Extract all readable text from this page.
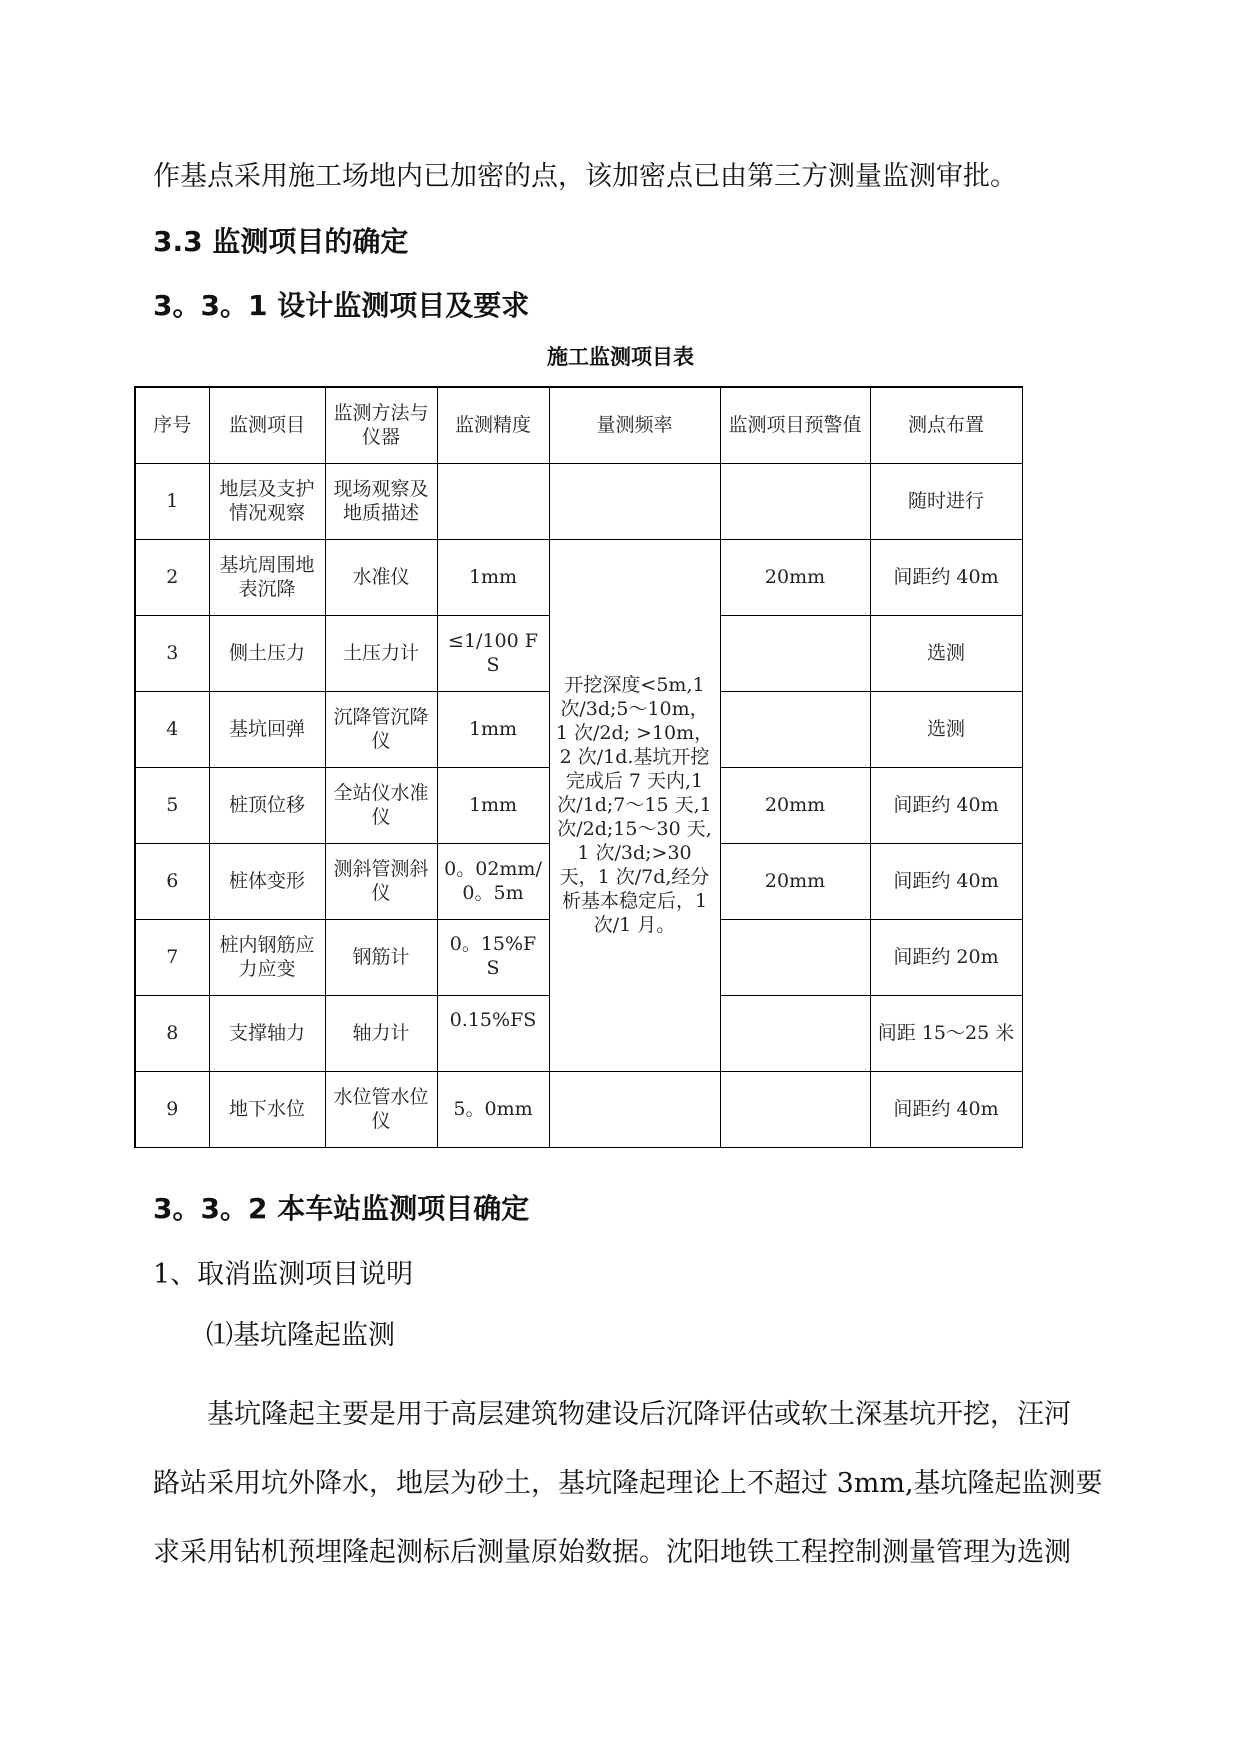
作基点采用施工场地内已加密的点，该加密点已由第三方测量监测审批。
3.3 监测项目的确定
3。3。1 设计监测项目及要求
施工监测项目表
序号	监测项目	监测方法与仪器	监测精度	量测频率	监测项目预警值	测点布置
1	地层及支护情况观察	现场观察及地质描述				随时进行
2	基坑周围地表沉降	水准仪	1mm	开挖深度<5m,1 次/3d;5～10m，1 次/2d; >10m，2 次/1d.基坑开挖完成后 7 天内,1 次/1d;7～15 天,1 次/2d;15～30 天,1 次/3d;>30 天，1 次/7d,经分析基本稳定后，1 次/1 月。	20mm	间距约 40m
3	侧土压力	土压力计	≤1/100 FS			选测
4	基坑回弹	沉降管沉降仪	1mm			选测
5	桩顶位移	全站仪水准仪	1mm		20mm	间距约 40m
6	桩体变形	测斜管测斜仪	0。02mm/0。5m		20mm	间距约 40m
7	桩内钢筋应力应变	钢筋计	0。15%FS			间距约 20m
8	支撑轴力	轴力计	0.15%FS			间距 15～25 米
9	地下水位	水位管水位仪	5。0mm			间距约 40m
3。3。2 本车站监测项目确定
1、取消监测项目说明
⑴基坑隆起监测
基坑隆起主要是用于高层建筑物建设后沉降评估或软土深基坑开挖，汪河
路站采用坑外降水，地层为砂土，基坑隆起理论上不超过 3mm,基坑隆起监测要
求采用钻机预埋隆起测标后测量原始数据。沈阳地铁工程控制测量管理为选测
